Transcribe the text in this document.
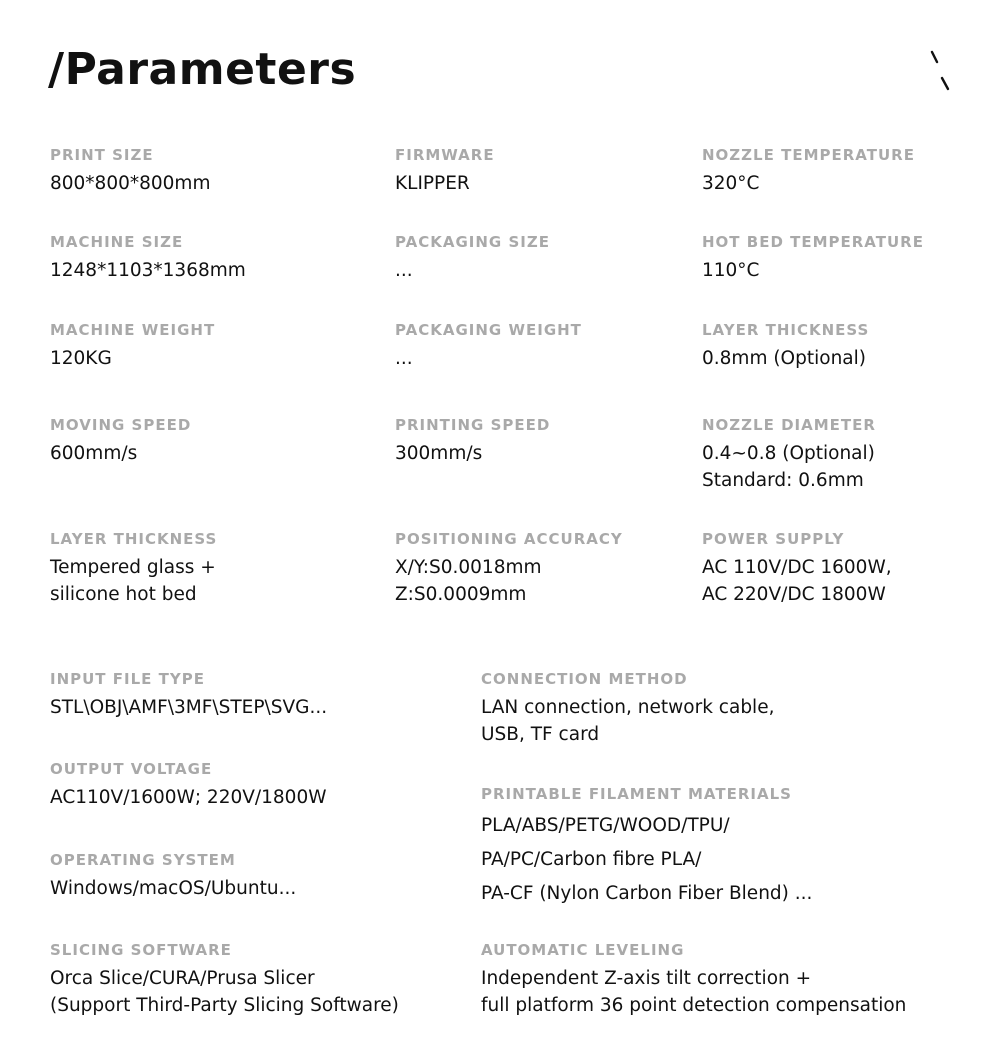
/Parameters
PRINT SIZE
800*800*800mm
FIRMWARE
KLIPPER
NOZZLE TEMPERATURE
320°C
MACHINE SIZE
1248*1103*1368mm
PACKAGING SIZE
...
HOT BED TEMPERATURE
110°C
MACHINE WEIGHT
120KG
PACKAGING WEIGHT
...
LAYER THICKNESS
0.8mm (Optional)
MOVING SPEED
600mm/s
PRINTING SPEED
300mm/s
NOZZLE DIAMETER
0.4~0.8 (Optional)
Standard: 0.6mm
LAYER THICKNESS
Tempered glass +
silicone hot bed
POSITIONING ACCURACY
X/Y:S0.0018mm
Z:S0.0009mm
POWER SUPPLY
AC 110V/DC 1600W,
AC 220V/DC 1800W
INPUT FILE TYPE
STL\OBJ\AMF\3MF\STEP\SVG...
OUTPUT VOLTAGE
AC110V/1600W; 220V/1800W
OPERATING SYSTEM
Windows/macOS/Ubuntu...
SLICING SOFTWARE
Orca Slice/CURA/Prusa Slicer
(Support Third-Party Slicing Software)
CONNECTION METHOD
LAN connection, network cable,
USB, TF card
PRINTABLE FILAMENT MATERIALS
PLA/ABS/PETG/WOOD/TPU/
PA/PC/Carbon fibre PLA/
PA-CF (Nylon Carbon Fiber Blend) ...
AUTOMATIC LEVELING
Independent Z-axis tilt correction +
full platform 36 point detection compensation
